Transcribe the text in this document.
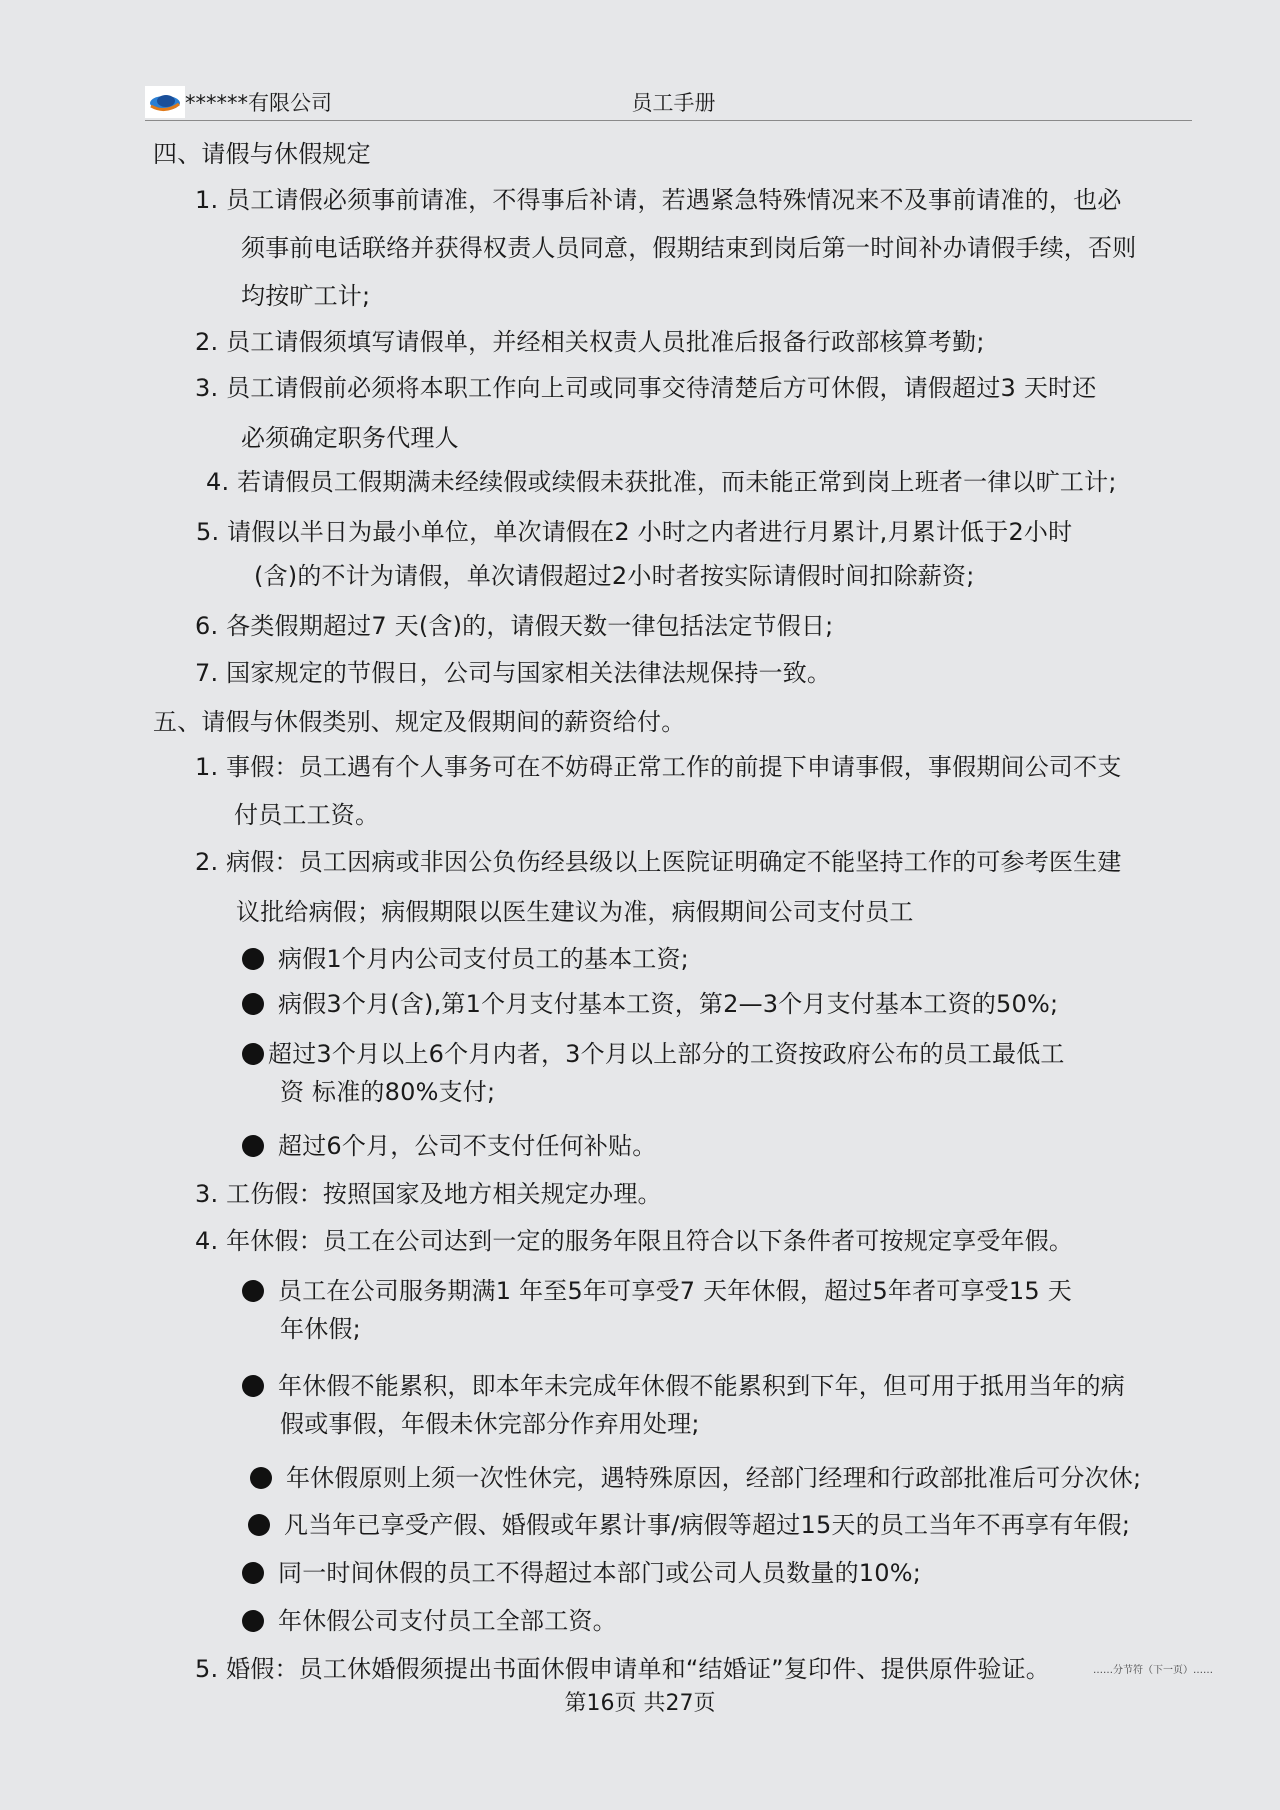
******有限公司	员工手册
四、请假与休假规定
1. 员工请假必须事前请准，不得事后补请，若遇紧急特殊情况来不及事前请准的，也必
须事前电话联络并获得权责人员同意，假期结束到岗后第一时间补办请假手续，否则
均按旷工计;
2. 员工请假须填写请假单，并经相关权责人员批准后报备行政部核算考勤;
3. 员工请假前必须将本职工作向上司或同事交待清楚后方可休假，请假超过3 天时还
必须确定职务代理人
4. 若请假员工假期满未经续假或续假未获批准，而未能正常到岗上班者一律以旷工计;
5. 请假以半日为最小单位，单次请假在2 小时之内者进行月累计,月累计低于2小时
(含)的不计为请假，单次请假超过2小时者按实际请假时间扣除薪资;
6. 各类假期超过7 天(含)的，请假天数一律包括法定节假日;
7. 国家规定的节假日，公司与国家相关法律法规保持一致。
五、请假与休假类别、规定及假期间的薪资给付。
1. 事假：员工遇有个人事务可在不妨碍正常工作的前提下申请事假，事假期间公司不支
付员工工资。
2. 病假：员工因病或非因公负伤经县级以上医院证明确定不能坚持工作的可参考医生建
议批给病假；病假期限以医生建议为准，病假期间公司支付员工
病假1个月内公司支付员工的基本工资;
病假3个月(含),第1个月支付基本工资，第2—3个月支付基本工资的50%;
超过3个月以上6个月内者，3个月以上部分的工资按政府公布的员工最低工
资 标准的80%支付;
超过6个月，公司不支付任何补贴。
3. 工伤假：按照国家及地方相关规定办理。
4. 年休假：员工在公司达到一定的服务年限且符合以下条件者可按规定享受年假。
员工在公司服务期满1 年至5年可享受7 天年休假，超过5年者可享受15 天
年休假;
年休假不能累积，即本年未完成年休假不能累积到下年，但可用于抵用当年的病
假或事假，年假未休完部分作弃用处理;
年休假原则上须一次性休完，遇特殊原因，经部门经理和行政部批准后可分次休;
凡当年已享受产假、婚假或年累计事/病假等超过15天的员工当年不再享有年假;
同一时间休假的员工不得超过本部门或公司人员数量的10%;
年休假公司支付员工全部工资。
5. 婚假：员工休婚假须提出书面休假申请单和“结婚证”复印件、提供原件验证。	……分节符（下一页）……
第16页 共27页
